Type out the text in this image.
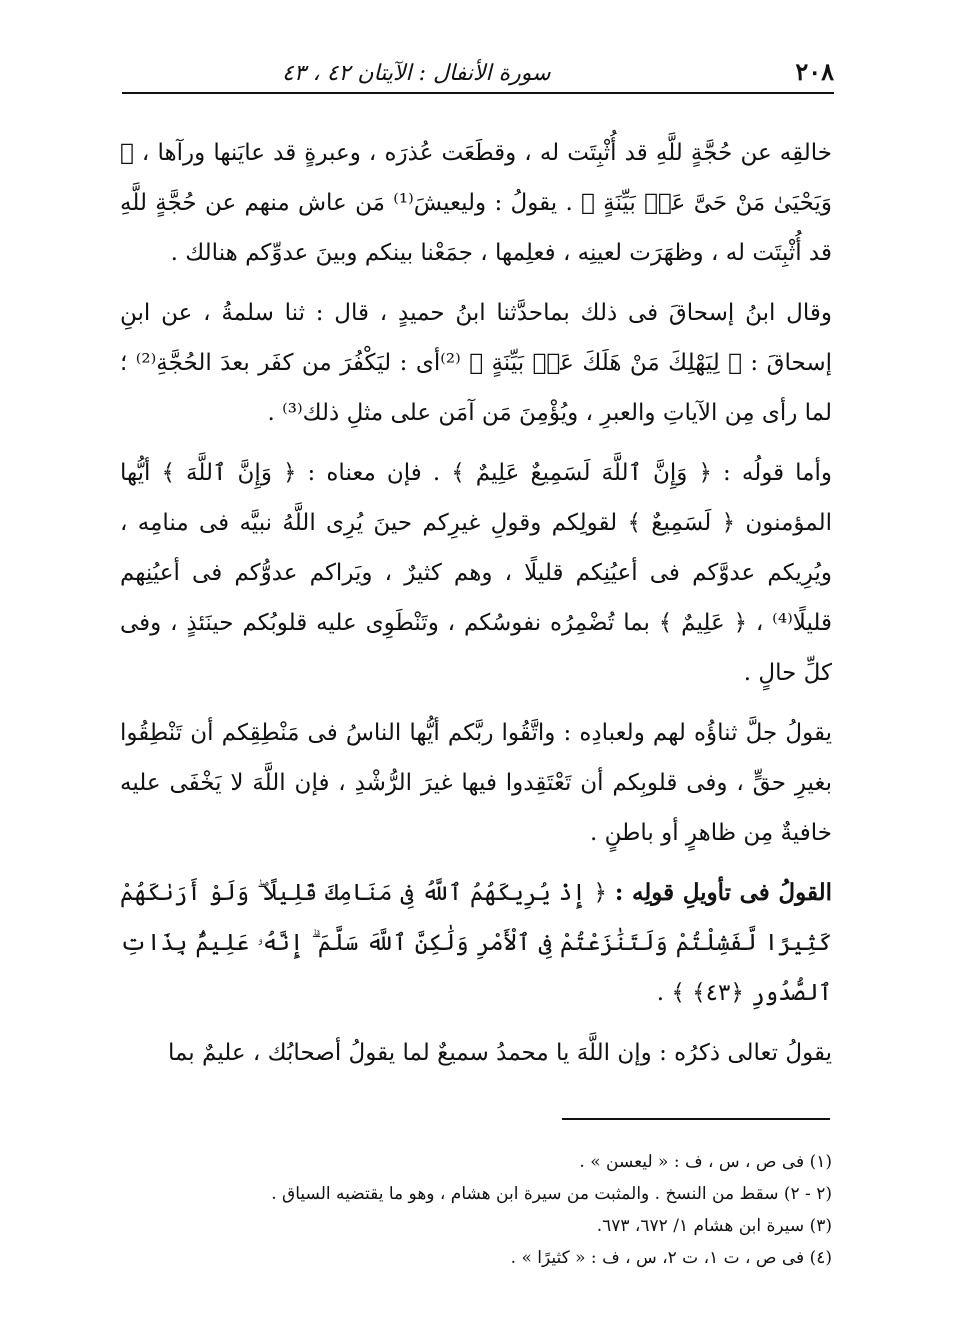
٢٠٨
سورة الأنفال : الآيتان ٤٢ ، ٤٣

خالقِه عن حُجَّةٍ للَّهِ قد أُثْبِتَت له ، وقطَعَت عُذرَه ، وعبرةٍ قد عايَنها ورآها ، ﴿ وَيَحْيَىٰ مَنْ حَىَّ عَنۢ بَيِّنَةٍ ﴾ . يقولُ : وليعيشَ⁽¹⁾ مَن عاش منهم عن حُجَّةٍ للَّهِ قد أُثْبِتَت له ، وظهَرَت لعينِه ، فعلِمها ، جمَعْنا بينكم وبينَ عدوِّكم هنالك .

وقال ابنُ إسحاقَ فى ذلك بماحدَّثنا ابنُ حميدٍ ، قال : ثنا سلمةُ ، عن ابنِ إسحاقَ : ﴿ لِيَهْلِكَ مَنْ هَلَكَ عَنۢ بَيِّنَةٍ ﴾ ⁽²⁾أى : ليَكْفُرَ من كفَر بعدَ الحُجَّةِ⁽²⁾ ؛ لما رأى مِن الآياتِ والعبرِ ، ويُؤْمِنَ مَن آمَن على مثلِ ذلك⁽³⁾ .

وأما قولُه : ﴿ وَإِنَّ ٱللَّهَ لَسَمِيعٌ عَلِيمٌ ﴾ . فإن معناه : ﴿ وَإِنَّ ٱللَّهَ ﴾ أيُّها المؤمنون ﴿ لَسَمِيعٌ ﴾ لقولِكم وقولِ غيرِكم حينَ يُرِى اللَّهُ نبيَّه فى منامِه ، ويُرِيكم عدوَّكم فى أعيُنِكم قليلًا ، وهم كثيرٌ ، ويَراكم عدوُّكم فى أعيُنِهم قليلًا⁽⁴⁾ ، ﴿ عَلِيمٌ ﴾ بما تُضْمِرُه نفوسُكم ، وتَنْطَوِى عليه قلوبُكم حينَئذٍ ، وفى كلِّ حالٍ .

يقولُ جلَّ ثناؤُه لهم ولعبادِه : واتَّقُوا ربَّكم أيُّها الناسُ فى مَنْطِقِكم أن تَنْطِقُوا بغيرِ حقٍّ ، وفى قلوبِكم أن تَعْتَقِدوا فيها غيرَ الرُّشْدِ ، فإن اللَّهَ لا يَخْفَى عليه خافيةٌ مِن ظاهرٍ أو باطنٍ .

القولُ فى تأويلِ قولِه : ﴿ إِذْ يُرِيكَهُمُ ٱللَّهُ فِى مَنَامِكَ قَلِيلًا ۖ وَلَوْ أَرَىٰكَهُمْ كَثِيرًا لَّفَشِلْتُمْ وَلَتَنَٰزَعْتُمْ فِى ٱلْأَمْرِ وَلَٰكِنَّ ٱللَّهَ سَلَّمَ ۗ إِنَّهُۥ عَلِيمٌۢ بِذَاتِ ٱلصُّدُورِ ﴿٤٣﴾ ﴾ .

يقولُ تعالى ذكرُه : وإن اللَّهَ يا محمدُ سميعٌ لما يقولُ أصحابُك ، عليمٌ بما

(١) فى ص ، س ، ف : « ليعسن » .

(٢ - ٢) سقط من النسخ . والمثبت من سيرة ابن هشام ، وهو ما يقتضيه السياق .

(٣) سيرة ابن هشام ١/ ٦٧٢، ٦٧٣.

(٤) فى ص ، ت ١، ت ٢، س ، ف : « كثيرًا » .
